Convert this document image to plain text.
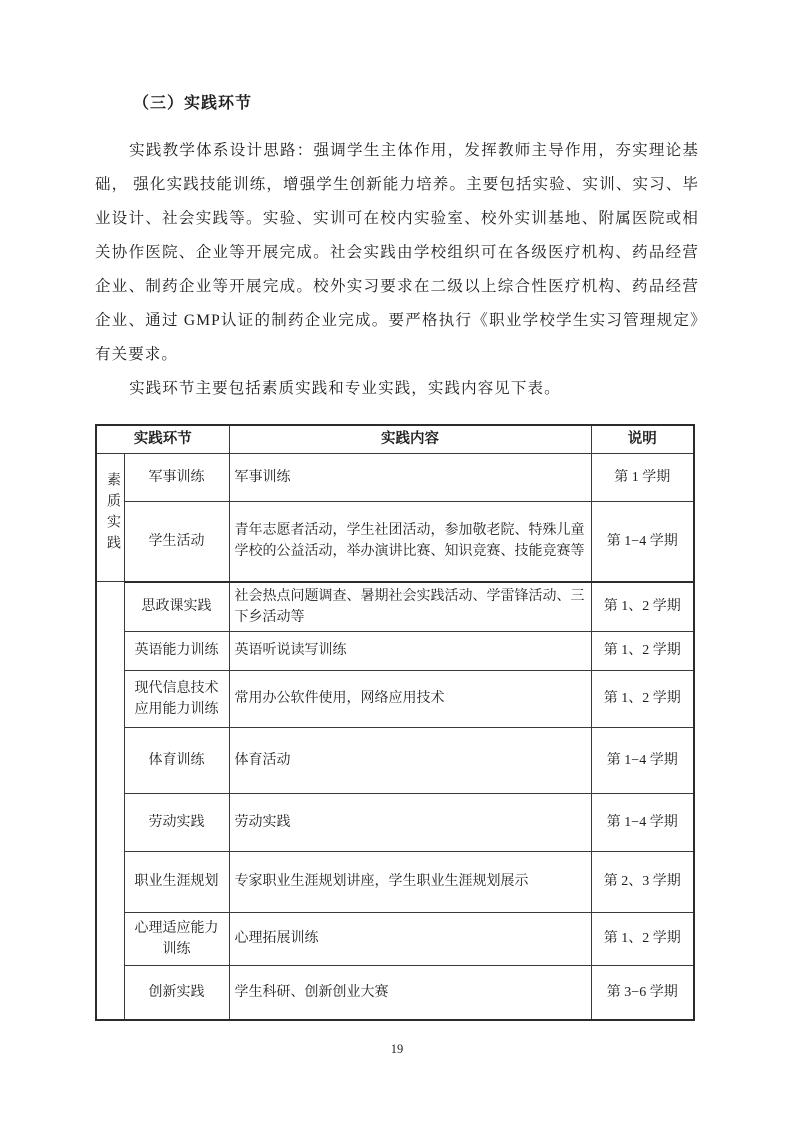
（三）实践环节

实践教学体系设计思路：强调学生主体作用，发挥教师主导作用，夯实理论基础， 强化实践技能训练，增强学生创新能力培养。主要包括实验、实训、实习、毕业设计、社会实践等。实验、实训可在校内实验室、校外实训基地、附属医院或相关协作医院、企业等开展完成。社会实践由学校组织可在各级医疗机构、药品经营企业、制药企业等开展完成。校外实习要求在二级以上综合性医疗机构、药品经营企业、通过 GMP认证的制药企业完成。要严格执行《职业学校学生实习管理规定》有关要求。

实践环节主要包括素质实践和专业实践，实践内容见下表。

实践环节		实践内容	说明
素质实践	军事训练	军事训练	第 1 学期
	学生活动	青年志愿者活动，学生社团活动，参加敬老院、特殊儿童学校的公益活动，举办演讲比赛、知识竞赛、技能竞赛等	第 1−4 学期
	思政课实践	社会热点问题调查、暑期社会实践活动、学雷锋活动、三下乡活动等	第 1、2 学期
	英语能力训练	英语听说读写训练	第 1、2 学期
	现代信息技术应用能力训练	常用办公软件使用，网络应用技术	第 1、2 学期
	体育训练	体育活动	第 1−4 学期
	劳动实践	劳动实践	第 1−4 学期
	职业生涯规划	专家职业生涯规划讲座，学生职业生涯规划展示	第 2、3 学期
	心理适应能力训练	心理拓展训练	第 1、2 学期
	创新实践	学生科研、创新创业大赛	第 3−6 学期
19
